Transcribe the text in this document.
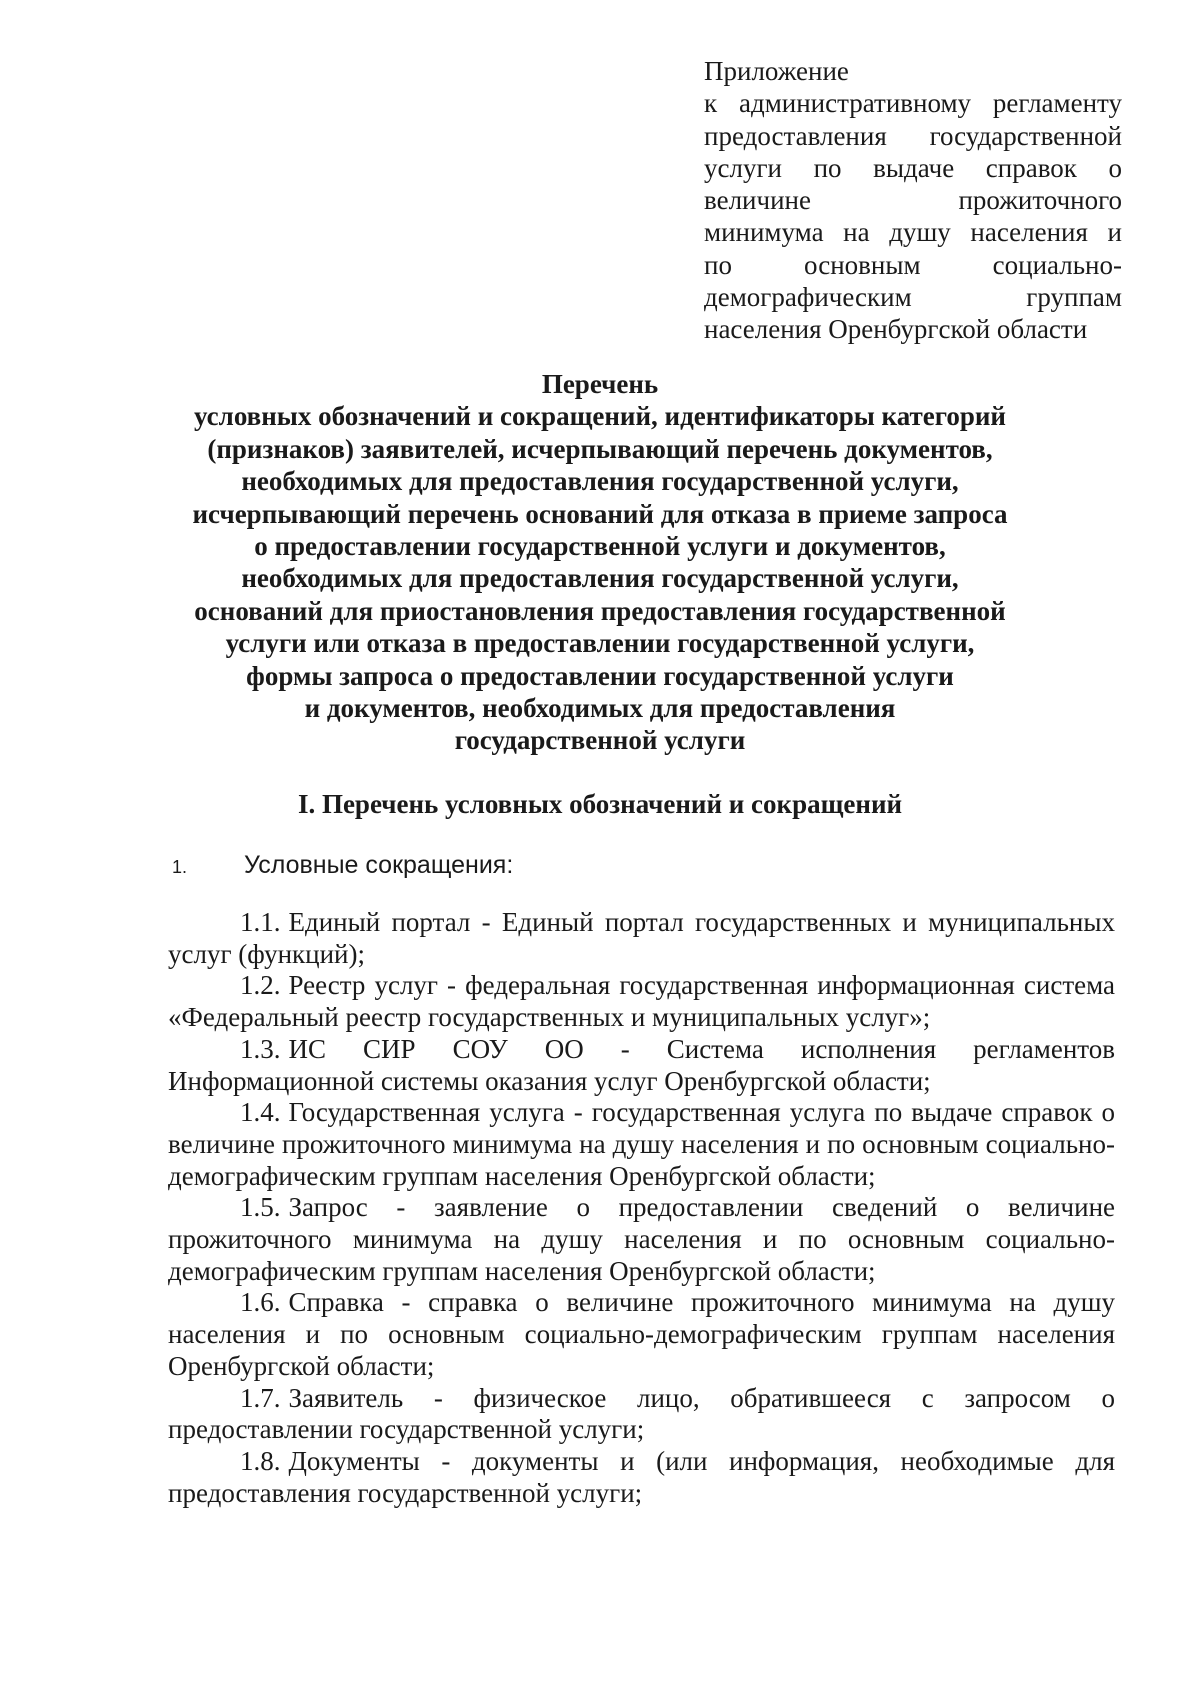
Приложение
к административному регламенту
предоставления государственной
услуги по выдаче справок о
величине прожиточного
минимума на душу населения и
по основным социально-
демографическим группам
населения Оренбургской области
Перечень
условных обозначений и сокращений, идентификаторы категорий
(признаков) заявителей, исчерпывающий перечень документов,
необходимых для предоставления государственной услуги,
исчерпывающий перечень оснований для отказа в приеме запроса
о предоставлении государственной услуги и документов,
необходимых для предоставления государственной услуги,
оснований для приостановления предоставления государственной
услуги или отказа в предоставлении государственной услуги,
формы запроса о предоставлении государственной услуги
и документов, необходимых для предоставления
государственной услуги
I. Перечень условных обозначений и сокращений
1. Условные сокращения:

1.1. Единый портал - Единый портал государственных и муниципальных услуг (функций);

1.2. Реестр услуг - федеральная государственная информационная система «Федеральный реестр государственных и муниципальных услуг»;

1.3. ИС СИР СОУ ОО - Система исполнения регламентов Информационной системы оказания услуг Оренбургской области;

1.4. Государственная услуга - государственная услуга по выдаче справок о величине прожиточного минимума на душу населения и по основным социально-демографическим группам населения Оренбургской области;

1.5. Запрос - заявление о предоставлении сведений о величине прожиточного минимума на душу населения и по основным социально-демографическим группам населения Оренбургской области;

1.6. Справка - справка о величине прожиточного минимума на душу населения и по основным социально-демографическим группам населения Оренбургской области;

1.7. Заявитель - физическое лицо, обратившееся с запросом о предоставлении государственной услуги;

1.8. Документы - документы и (или информация, необходимые для предоставления государственной услуги;
